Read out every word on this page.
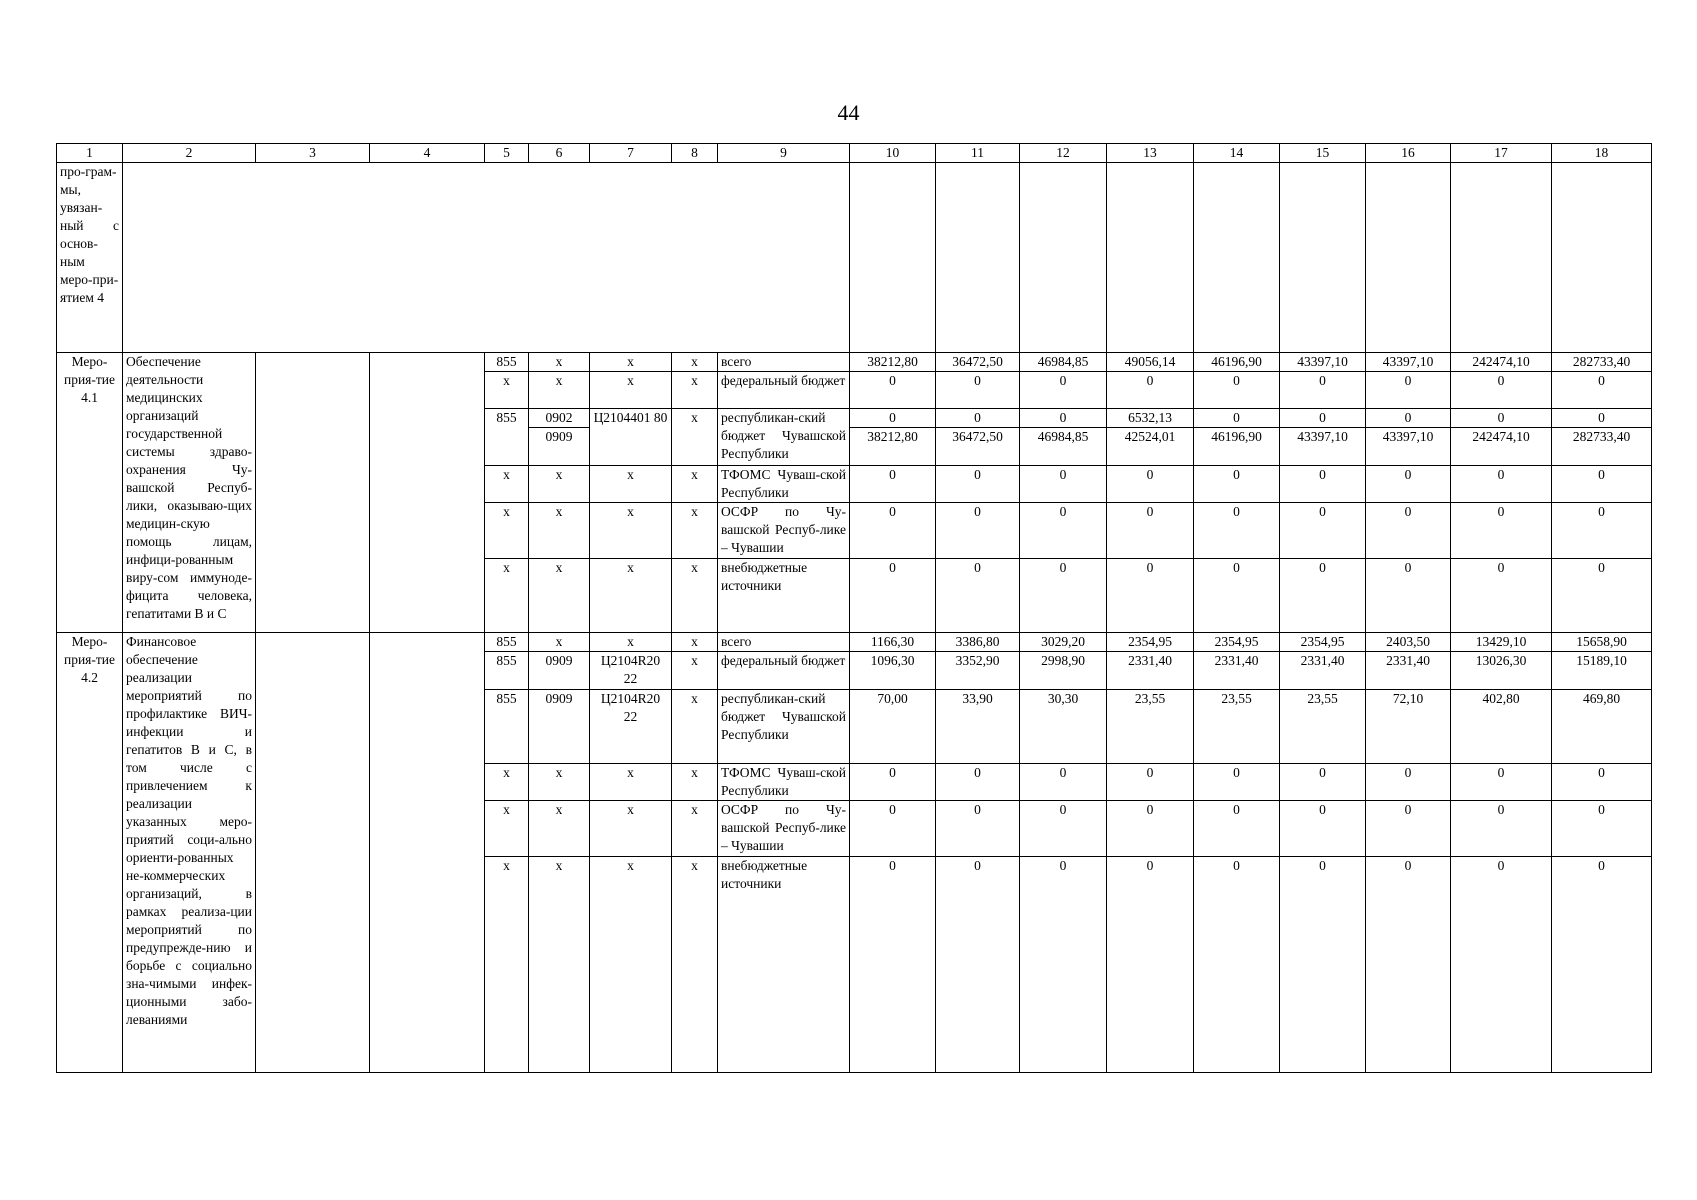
44
1	2	3	4	5	6	7	8	9	10	11	12	13	14	15	16	17	18
про-грам-мы, увязан-ный с основ-ным меро-при-ятием 4																	
Меро-прия-тие 4.1	Обеспечение деятельности медицинских организаций государственной системы здраво-охранения Чу-вашской Респуб-лики, оказываю-щих медицин-скую помощь лицам, инфици-рованным виру-сом иммуноде-фицита человека, гепатитами В и С			855	х	х	х	всего	38212,80	36472,50	46984,85	49056,14	46196,90	43397,10	43397,10	242474,10	282733,40
				х	х	х	х	федеральный бюджет	0	0	0	0	0	0	0	0	0
				855	0902	Ц2104401 80	х	республикан-ский бюджет Чувашской Республики	0	0	0	6532,13	0	0	0	0	0
					0909				38212,80	36472,50	46984,85	42524,01	46196,90	43397,10	43397,10	242474,10	282733,40
				х	х	х	х	ТФОМС Чуваш-ской Республики	0	0	0	0	0	0	0	0	0
				х	х	х	х	ОСФР по Чу-вашской Респуб-лике – Чувашии	0	0	0	0	0	0	0	0	0
				х	х	х	х	внебюджетные источники	0	0	0	0	0	0	0	0	0
Меро-прия-тие 4.2	Финансовое обеспечение реализации мероприятий по профилактике ВИЧ-инфекции и гепатитов В и С, в том числе с привлечением к реализации указанных меро-приятий соци-ально ориенти-рованных не-коммерческих организаций, в рамках реализа-ции мероприятий по предупрежде-нию и борьбе с социально зна-чимыми инфек-ционными забо-леваниями			855	х	х	х	всего	1166,30	3386,80	3029,20	2354,95	2354,95	2354,95	2403,50	13429,10	15658,90
				855	0909	Ц2104R20 22	х	федеральный бюджет	1096,30	3352,90	2998,90	2331,40	2331,40	2331,40	2331,40	13026,30	15189,10
				855	0909	Ц2104R20 22	х	республикан-ский бюджет Чувашской Республики	70,00	33,90	30,30	23,55	23,55	23,55	72,10	402,80	469,80
				х	х	х	х	ТФОМС Чуваш-ской Республики	0	0	0	0	0	0	0	0	0
				х	х	х	х	ОСФР по Чу-вашской Респуб-лике – Чувашии	0	0	0	0	0	0	0	0	0
				х	х	х	х	внебюджетные источники	0	0	0	0	0	0	0	0	0
